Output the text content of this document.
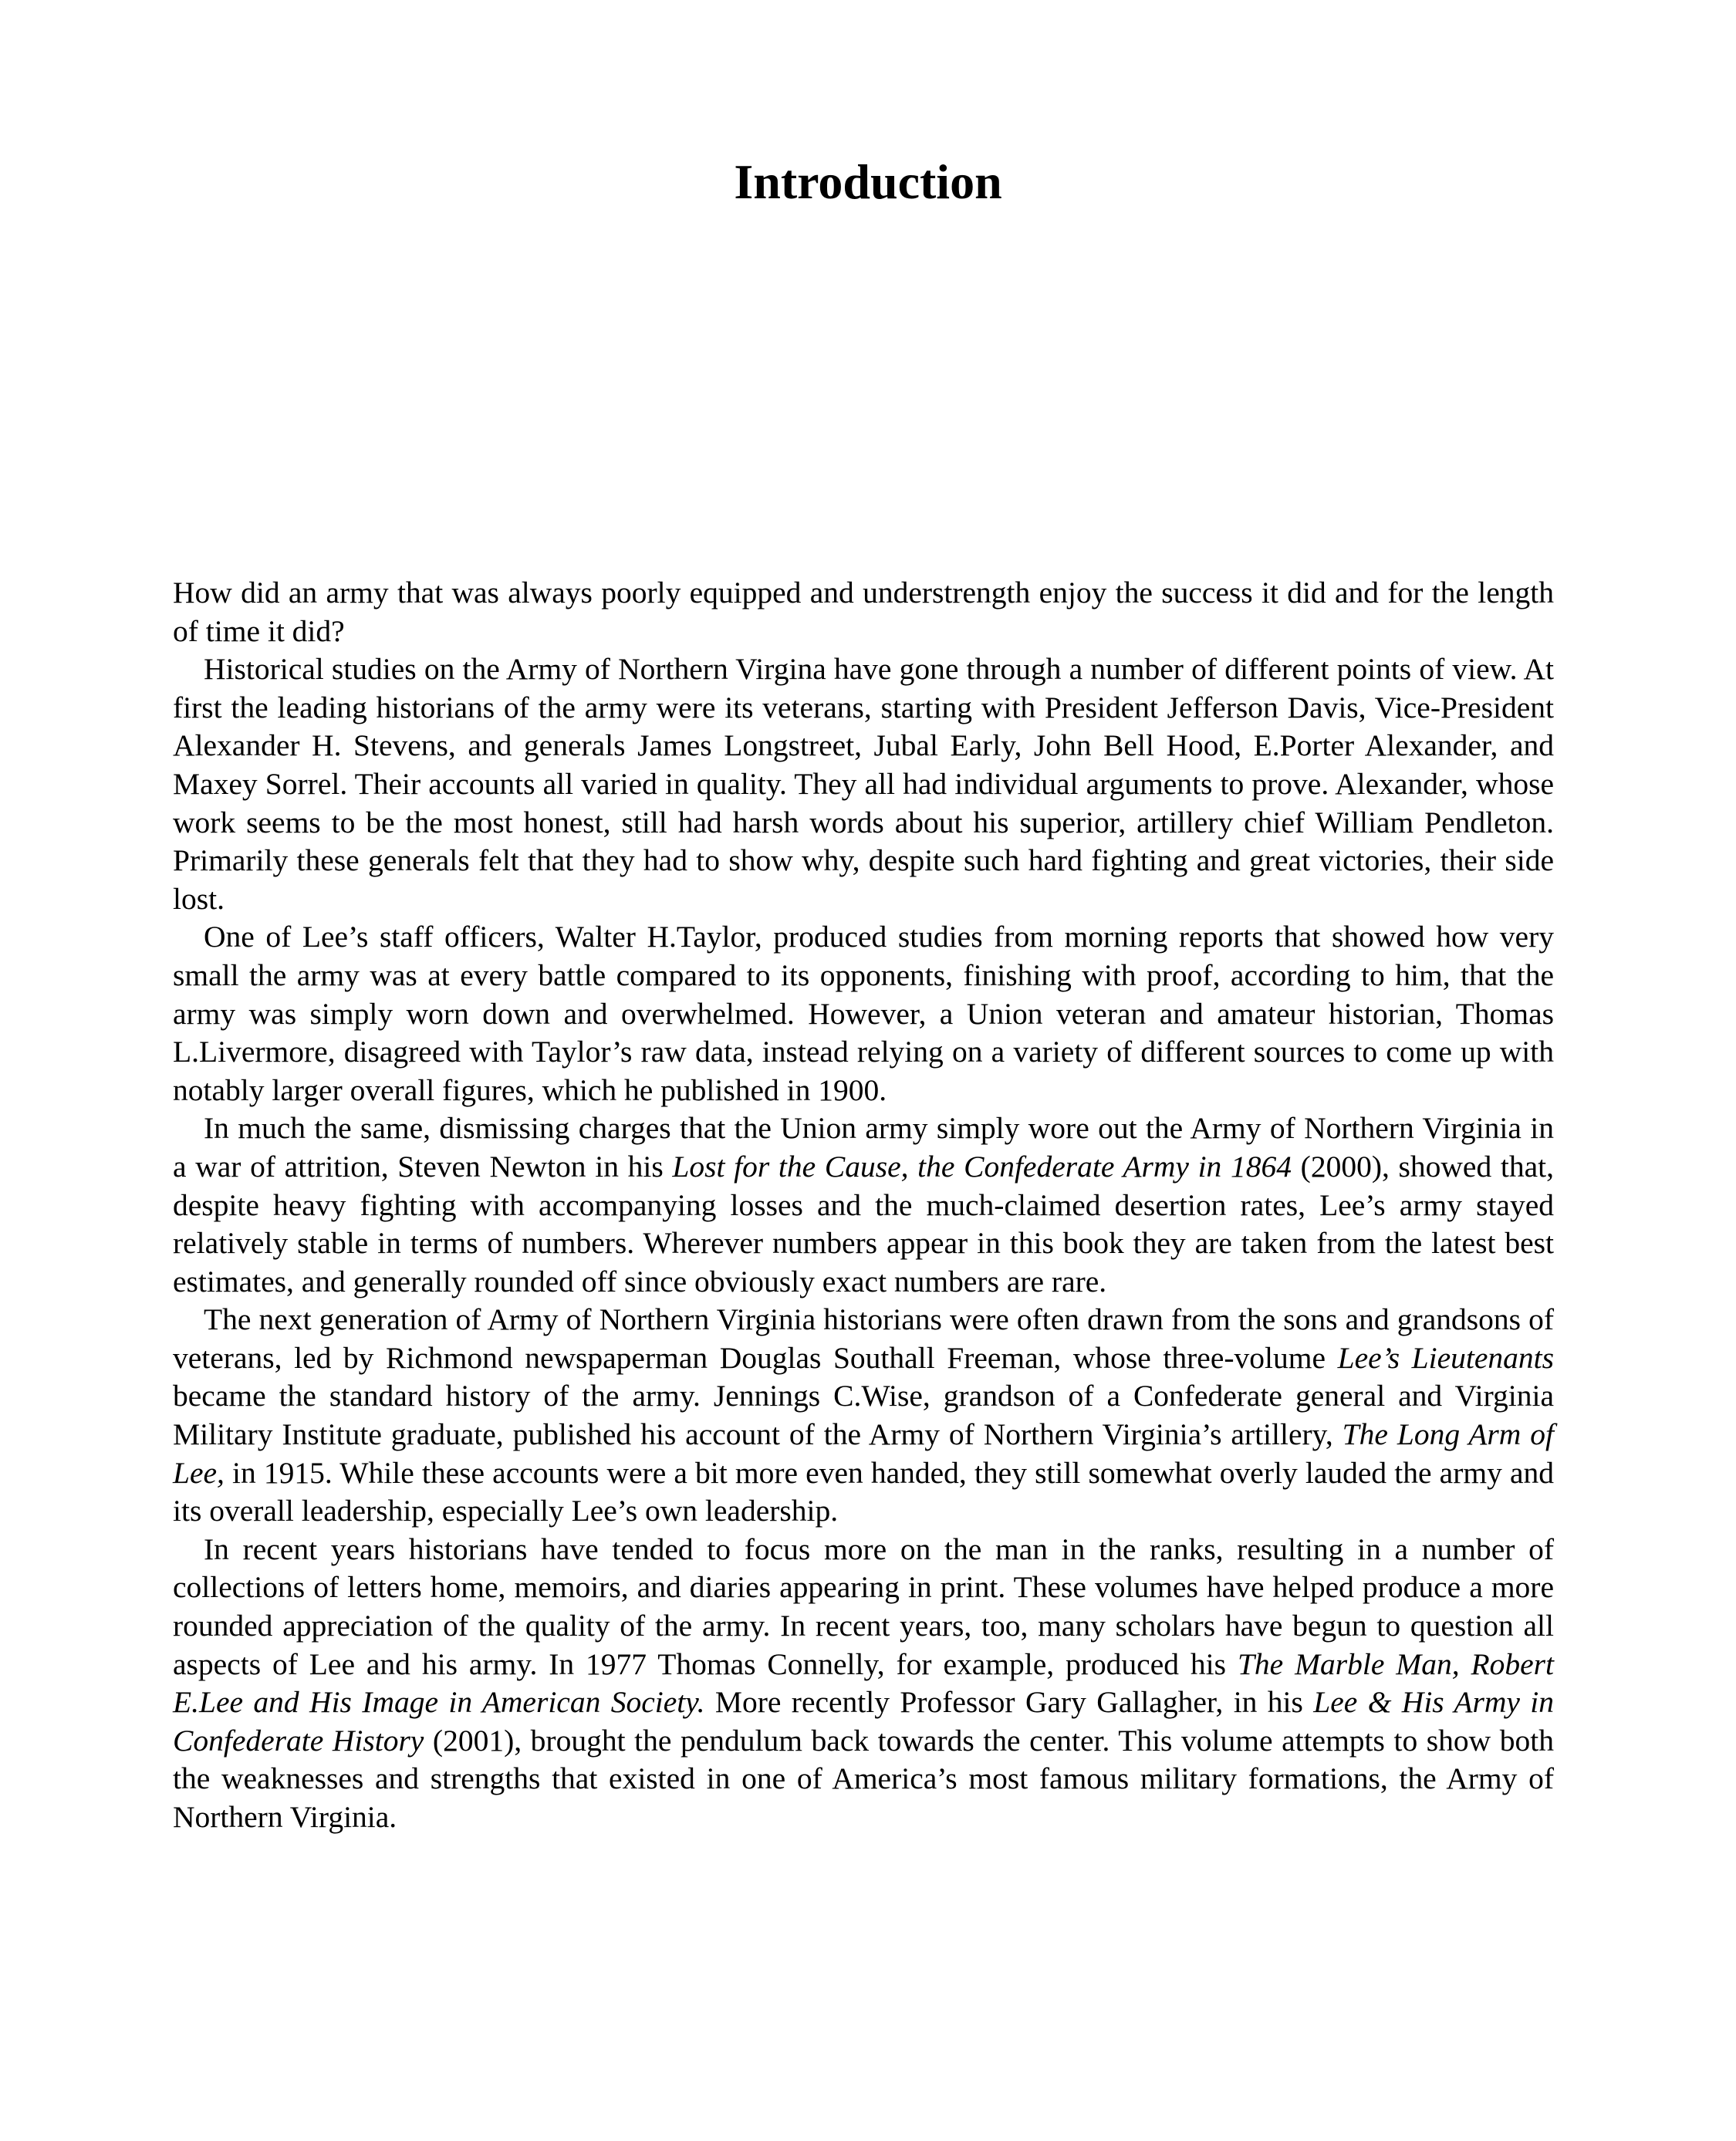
Introduction

How did an army that was always poorly equipped and understrength enjoy the success it did and for the length of time it did?

Historical studies on the Army of Northern Virgina have gone through a number of different points of view. At first the leading historians of the army were its veterans, starting with President Jefferson Davis, Vice-President Alexander H. Stevens, and generals James Longstreet, Jubal Early, John Bell Hood, E.Porter Alexander, and Maxey Sorrel. Their accounts all varied in quality. They all had individual arguments to prove. Alexander, whose work seems to be the most honest, still had harsh words about his superior, artillery chief William Pendleton. Primarily these generals felt that they had to show why, despite such hard fighting and great victories, their side lost.

One of Lee’s staff officers, Walter H.Taylor, produced studies from morning reports that showed how very small the army was at every battle compared to its opponents, finishing with proof, according to him, that the army was simply worn down and overwhelmed. However, a Union veteran and amateur historian, Thomas L.Livermore, disagreed with Taylor’s raw data, instead relying on a variety of different sources to come up with notably larger overall figures, which he published in 1900.

In much the same, dismissing charges that the Union army simply wore out the Army of Northern Virginia in a war of attrition, Steven Newton in his Lost for the Cause, the Confederate Army in 1864 (2000), showed that, despite heavy fighting with accompanying losses and the much-claimed desertion rates, Lee’s army stayed relatively stable in terms of numbers. Wherever numbers appear in this book they are taken from the latest best estimates, and generally rounded off since obviously exact numbers are rare.

The next generation of Army of Northern Virginia historians were often drawn from the sons and grandsons of veterans, led by Richmond newspaperman Douglas Southall Freeman, whose three-volume Lee’s Lieutenants became the standard history of the army. Jennings C.Wise, grandson of a Confederate general and Virginia Military Institute graduate, published his account of the Army of Northern Virginia’s artillery, The Long Arm of Lee, in 1915. While these accounts were a bit more even handed, they still somewhat overly lauded the army and its overall leadership, especially Lee’s own leadership.

In recent years historians have tended to focus more on the man in the ranks, resulting in a number of collections of letters home, memoirs, and diaries appearing in print. These volumes have helped produce a more rounded appreciation of the quality of the army. In recent years, too, many scholars have begun to question all aspects of Lee and his army. In 1977 Thomas Connelly, for example, produced his The Marble Man, Robert E.Lee and His Image in American Society. More recently Professor Gary Gallagher, in his Lee & His Army in Confederate History (2001), brought the pendulum back towards the center. This volume attempts to show both the weaknesses and strengths that existed in one of America’s most famous military formations, the Army of Northern Virginia.
